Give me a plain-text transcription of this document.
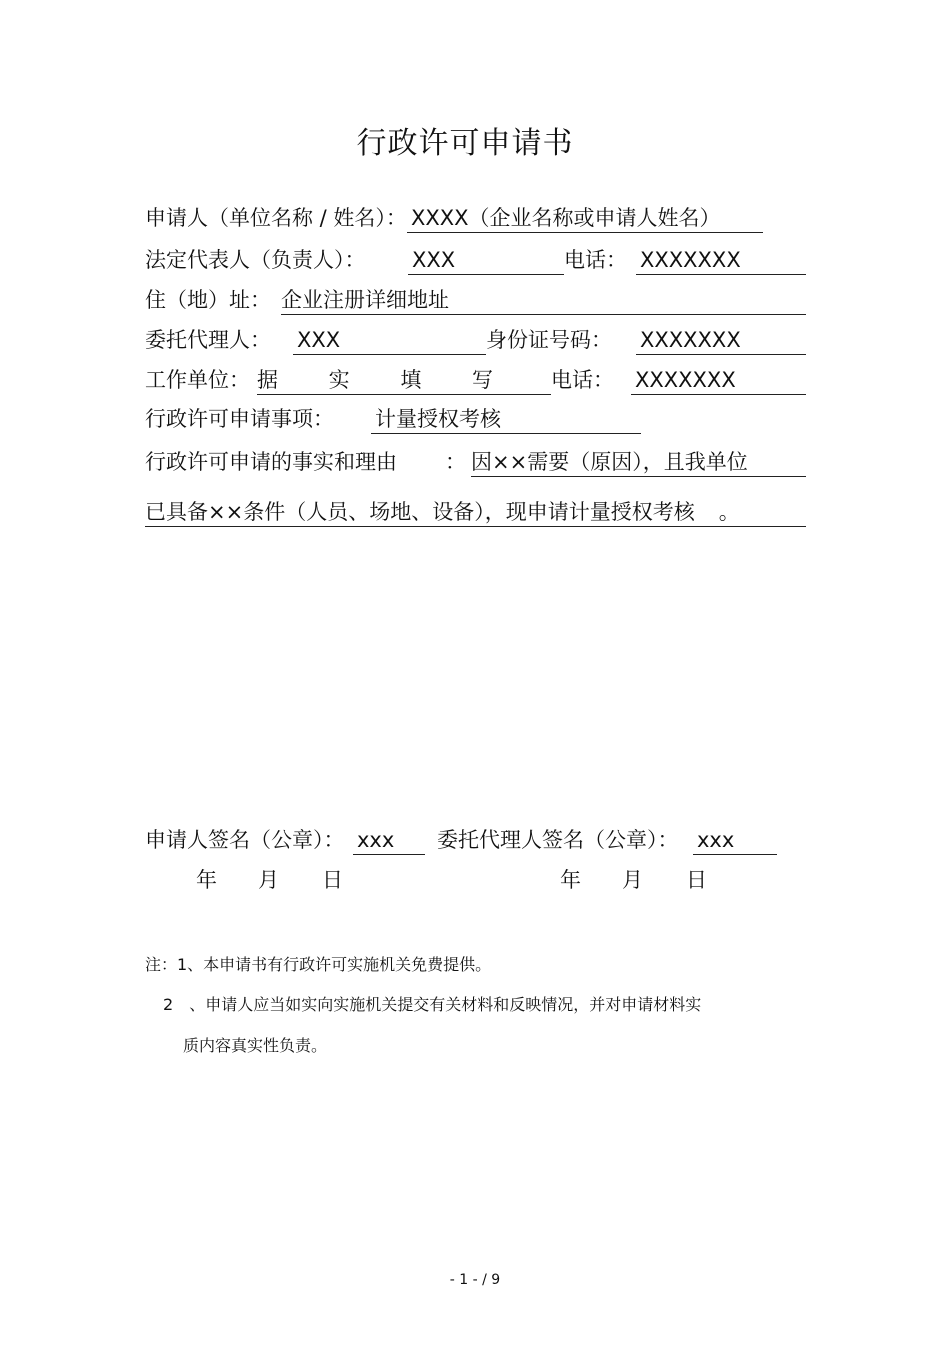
行政许可申请书
申请人（单位名称 / 姓名）： XXXX（企业名称或申请人姓名）
法定代表人（负责人）： XXX	电话： XXXXXXX
住（地）址： 企业注册详细地址
委托代理人： XXX	身份证号码： XXXXXXX
工作单位： 据 实 填 写 电话： XXXXXXX
行政许可申请事项： 计量授权考核
行政许可申请的事实和理由 ： 因××需要（原因），且我单位
已具备××条件（人员、场地、设备），现申请计量授权考核 。
申请人签名（公章）： xxx 委托代理人签名（公章）： xxx
年 月 日	年 月 日
注：1、本申请书有行政许可实施机关免费提供。
2 、申请人应当如实向实施机关提交有关材料和反映情况，并对申请材料实
质内容真实性负责。
- 1 - / 9
